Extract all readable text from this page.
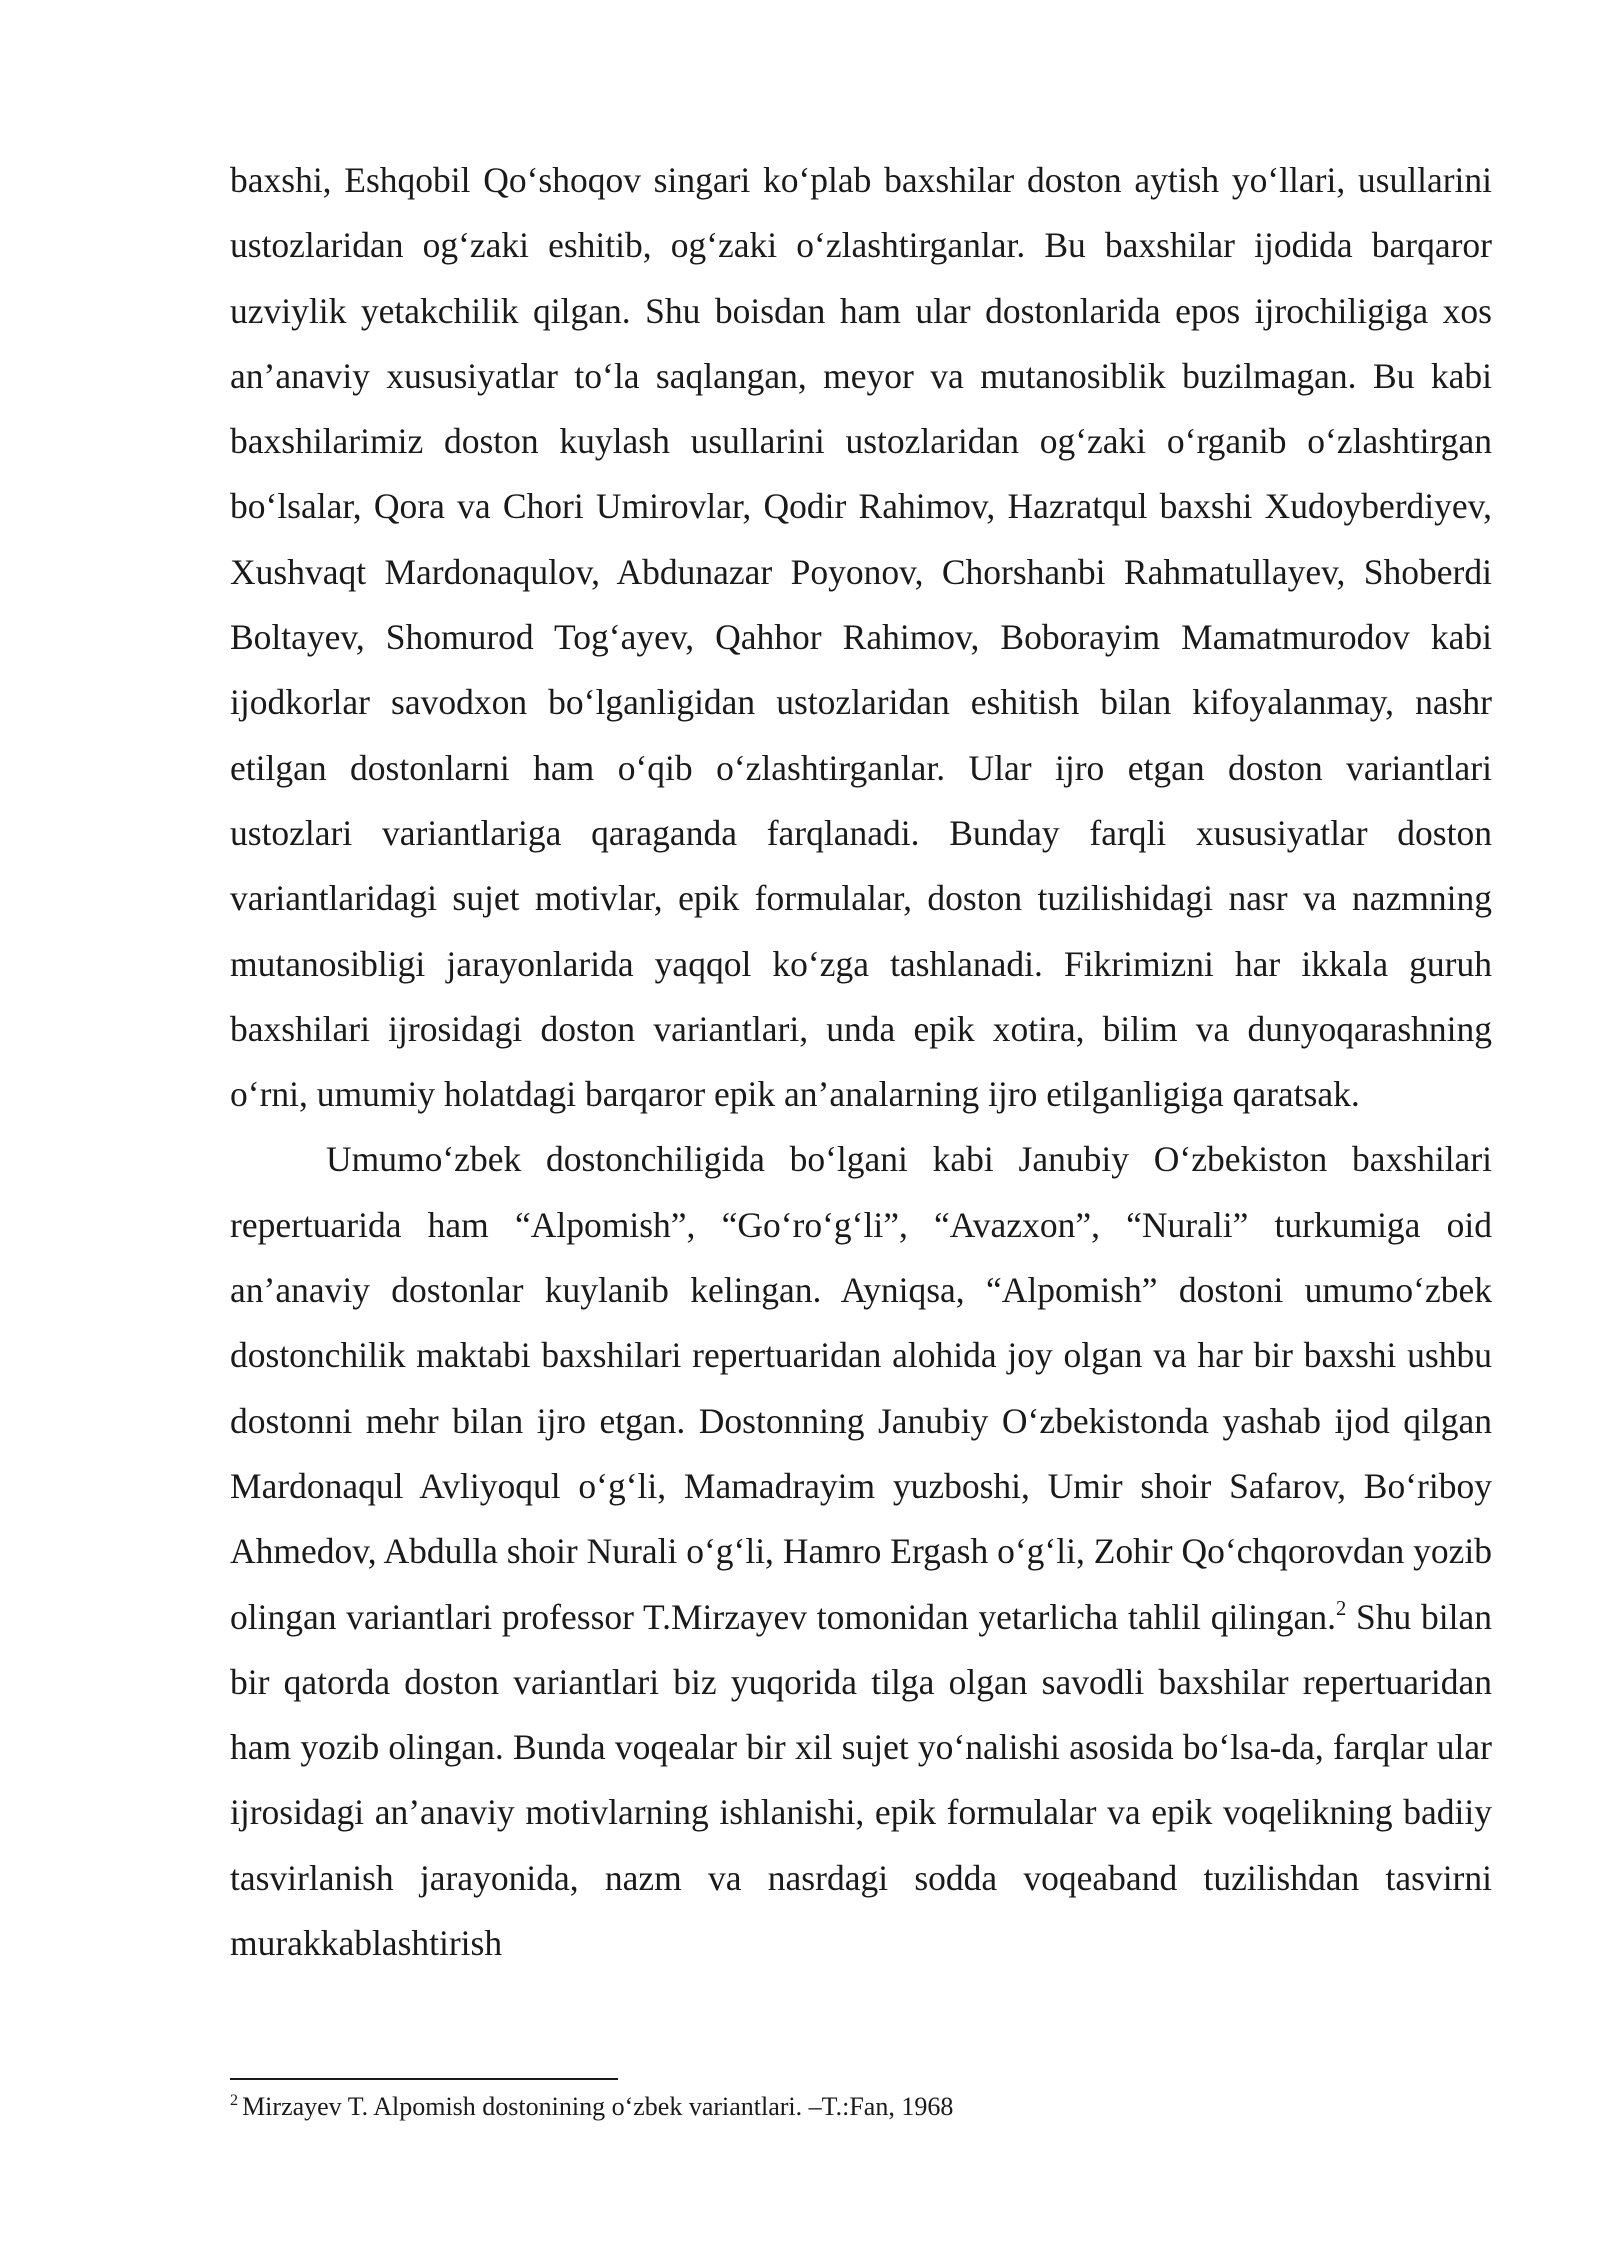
baxshi, Eshqobil Qo‘shoqov singari ko‘plab baxshilar doston aytish yo‘llari, usullarini ustozlaridan og‘zaki eshitib, og‘zaki o‘zlashtirganlar. Bu baxshilar ijodida barqaror uzviylik yetakchilik qilgan. Shu boisdan ham ular dostonlarida epos ijrochiligiga xos an’anaviy xususiyatlar to‘la saqlangan, meyor va mutanosiblik buzilmagan. Bu kabi baxshilarimiz doston kuylash usullarini ustozlaridan og‘zaki o‘rganib o‘zlashtirgan bo‘lsalar, Qora va Chori Umirovlar, Qodir Rahimov, Hazratqul baxshi Xudoyberdiyev, Xushvaqt Mardonaqulov, Abdunazar Poyonov, Chorshanbi Rahmatullayev, Shoberdi Boltayev, Shomurod Tog‘ayev, Qahhor Rahimov, Boborayim Mamatmurodov kabi ijodkorlar savodxon bo‘lganligidan ustozlaridan eshitish bilan kifoyalanmay, nashr etilgan dostonlarni ham o‘qib o‘zlashtirganlar. Ular ijro etgan doston variantlari ustozlari variantlariga qaraganda farqlanadi. Bunday farqli xususiyatlar doston variantlaridagi sujet motivlar, epik formulalar, doston tuzilishidagi nasr va nazmning mutanosibligi jarayonlarida yaqqol ko‘zga tashlanadi. Fikrimizni har ikkala guruh baxshilari ijrosidagi doston variantlari, unda epik xotira, bilim va dunyoqarashning o‘rni, umumiy holatdagi barqaror epik an’analarning ijro etilganligiga qaratsak.

Umumo‘zbek dostonchiligida bo‘lgani kabi Janubiy O‘zbekiston baxshilari repertuarida ham “Alpomish”, “Go‘ro‘g‘li”, “Avazxon”, “Nurali” turkumiga oid an’anaviy dostonlar kuylanib kelingan. Ayniqsa, “Alpomish” dostoni umumo‘zbek dostonchilik maktabi baxshilari repertuaridan alohida joy olgan va har bir baxshi ushbu dostonni mehr bilan ijro etgan. Dostonning Janubiy O‘zbekistonda yashab ijod qilgan Mardonaqul Avliyoqul o‘g‘li, Mamadrayim yuzboshi, Umir shoir Safarov, Bo‘riboy Ahmedov, Abdulla shoir Nurali o‘g‘li, Hamro Ergash o‘g‘li, Zohir Qo‘chqorovdan yozib olingan variantlari professor T.Mirzayev tomonidan yetarlicha tahlil qilingan.$^2$ Shu bilan bir qatorda doston variantlari biz yuqorida tilga olgan savodli baxshilar repertuaridan ham yozib olingan. Bunda voqealar bir xil sujet yo‘nalishi asosida bo‘lsa-da, farqlar ular ijrosidagi an’anaviy motivlarning ishlanishi, epik formulalar va epik voqelikning badiiy tasvirlanish jarayonida, nazm va nasrdagi sodda voqeaband tuzilishdan tasvirni murakkablashtirish

$^2$ Mirzayev T. Alpomish dostonining o‘zbek variantlari. –T.:Fan, 1968
